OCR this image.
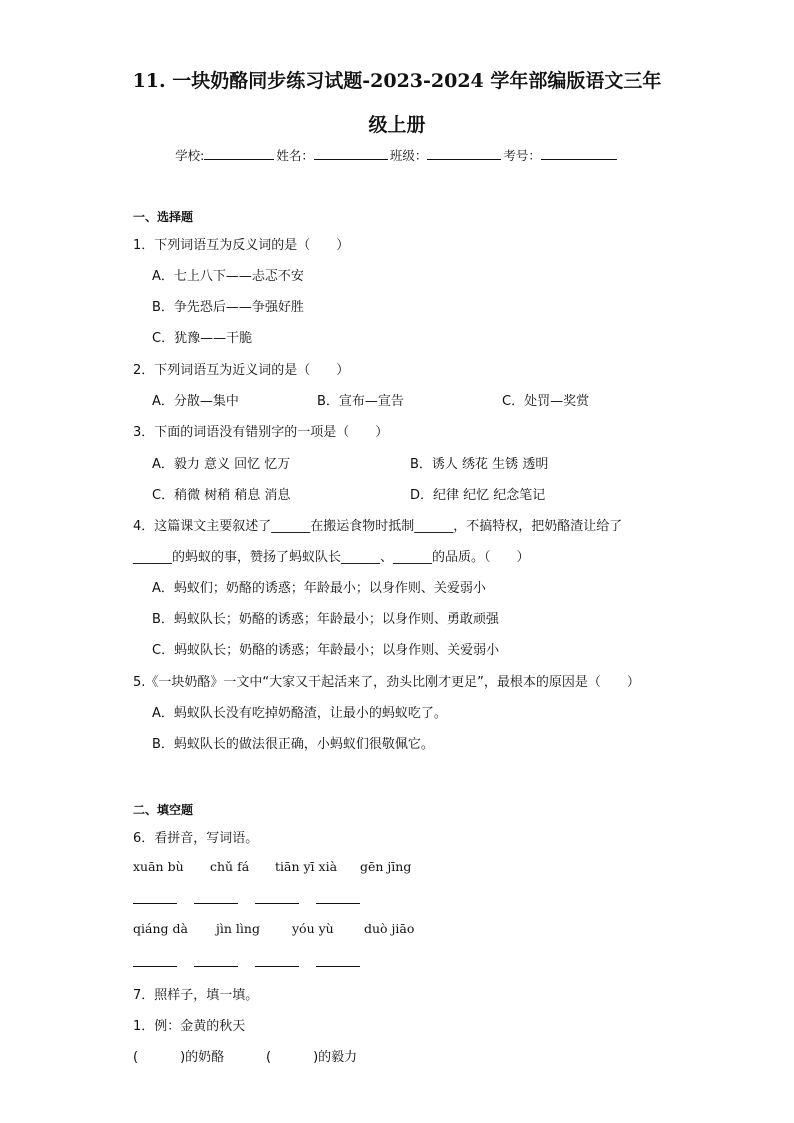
11. 一块奶酪同步练习试题-2023-2024 学年部编版语文三年
级上册
学校:	姓名：	班级：	考号：
一、选择题
1．下列词语互为反义词的是（　　）
A．七上八下——忐忑不安
B．争先恐后——争强好胜
C．犹豫——干脆
2．下列词语互为近义词的是（　　）
A．分散—集中	B．宣布—宣告	C．处罚—奖赏
3．下面的词语没有错别字的一项是（　　）
A．毅力 意义 回忆 忆万	B．诱人 绣花 生锈 透明
C．稍微 树稍 稍息 消息	D．纪律 纪忆 纪念笔记
4．这篇课文主要叙述了______在搬运食物时抵制______，不搞特权，把奶酪渣让给了
______的蚂蚁的事，赞扬了蚂蚁队长______、______的品质。（　　）
A．蚂蚁们；奶酪的诱惑；年龄最小；以身作则、关爱弱小
B．蚂蚁队长；奶酪的诱惑；年龄最小；以身作则、勇敢顽强
C．蚂蚁队长；奶酪的诱惑；年龄最小；以身作则、关爱弱小
5.《一块奶酪》一文中“大家又干起活来了，劲头比刚才更足”，最根本的原因是（　　）
A．蚂蚁队长没有吃掉奶酪渣，让最小的蚂蚁吃了。
B．蚂蚁队长的做法很正确，小蚂蚁们很敬佩它。
二、填空题
6．看拼音，写词语。
xuān bù chǔ fá tiān yī xià gēn jīng
qiáng dà jìn lìng	yóu yù duò jiāo
7．照样子，填一填。
1．例：金黄的秋天
(	)的奶酪	(	)的毅力
